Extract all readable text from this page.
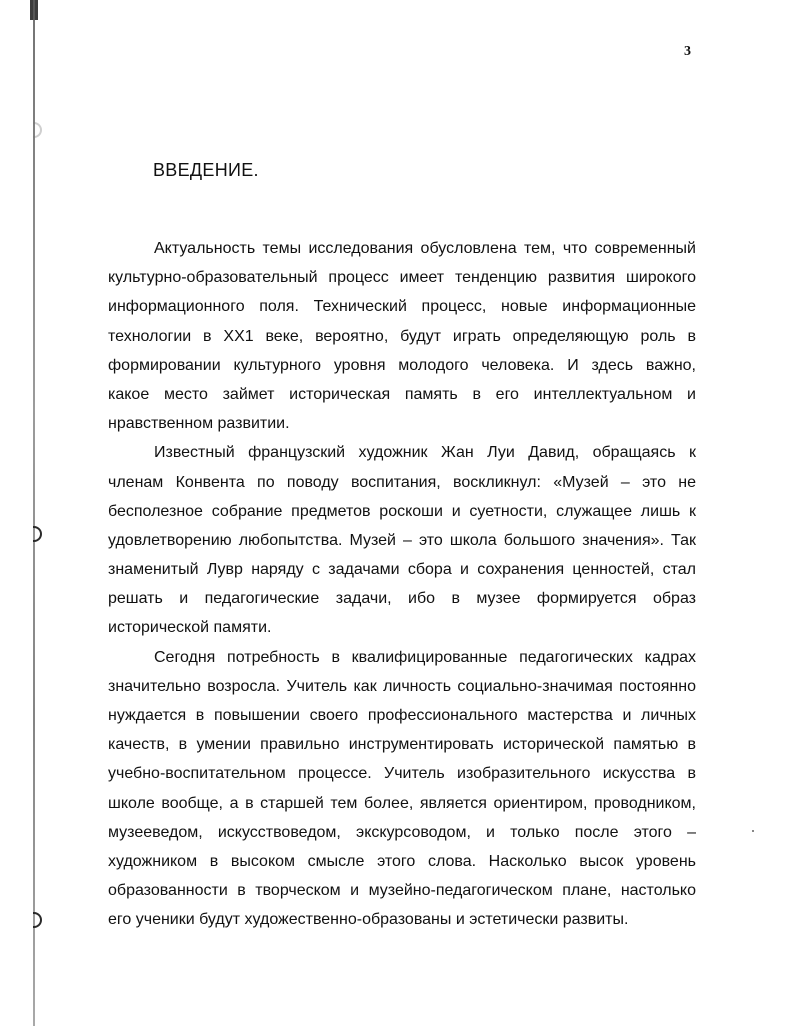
3
ВВЕДЕНИЕ.
Актуальность темы исследования обусловлена тем, что современный
культурно-образовательный процесс имеет тенденцию развития широкого
информационного поля. Технический процесс, новые информационные
технологии в XX1 веке, вероятно, будут играть определяющую роль в
формировании культурного уровня молодого человека. И здесь важно,
какое место займет историческая память в его интеллектуальном и
нравственном развитии.
Известный французский художник Жан Луи Давид, обращаясь к
членам Конвента по поводу воспитания, воскликнул: «Музей – это не
бесполезное собрание предметов роскоши и суетности, служащее лишь к
удовлетворению любопытства. Музей – это школа большого значения». Так
знаменитый Лувр наряду с задачами сбора и сохранения ценностей, стал
решать и педагогические задачи, ибо в музее формируется образ
исторической памяти.
Сегодня потребность в квалифицированные педагогических кадрах
значительно возросла. Учитель как личность социально-значимая постоянно
нуждается в повышении своего профессионального мастерства и личных
качеств, в умении правильно инструментировать исторической памятью в
учебно-воспитательном процессе. Учитель изобразительного искусства в
школе вообще, а в старшей тем более, является ориентиром, проводником,
музееведом, искусствоведом, экскурсоводом, и только после этого –
художником в высоком смысле этого слова. Насколько высок уровень
образованности в творческом и музейно-педагогическом плане, настолько
его ученики будут художественно-образованы и эстетически развиты.
